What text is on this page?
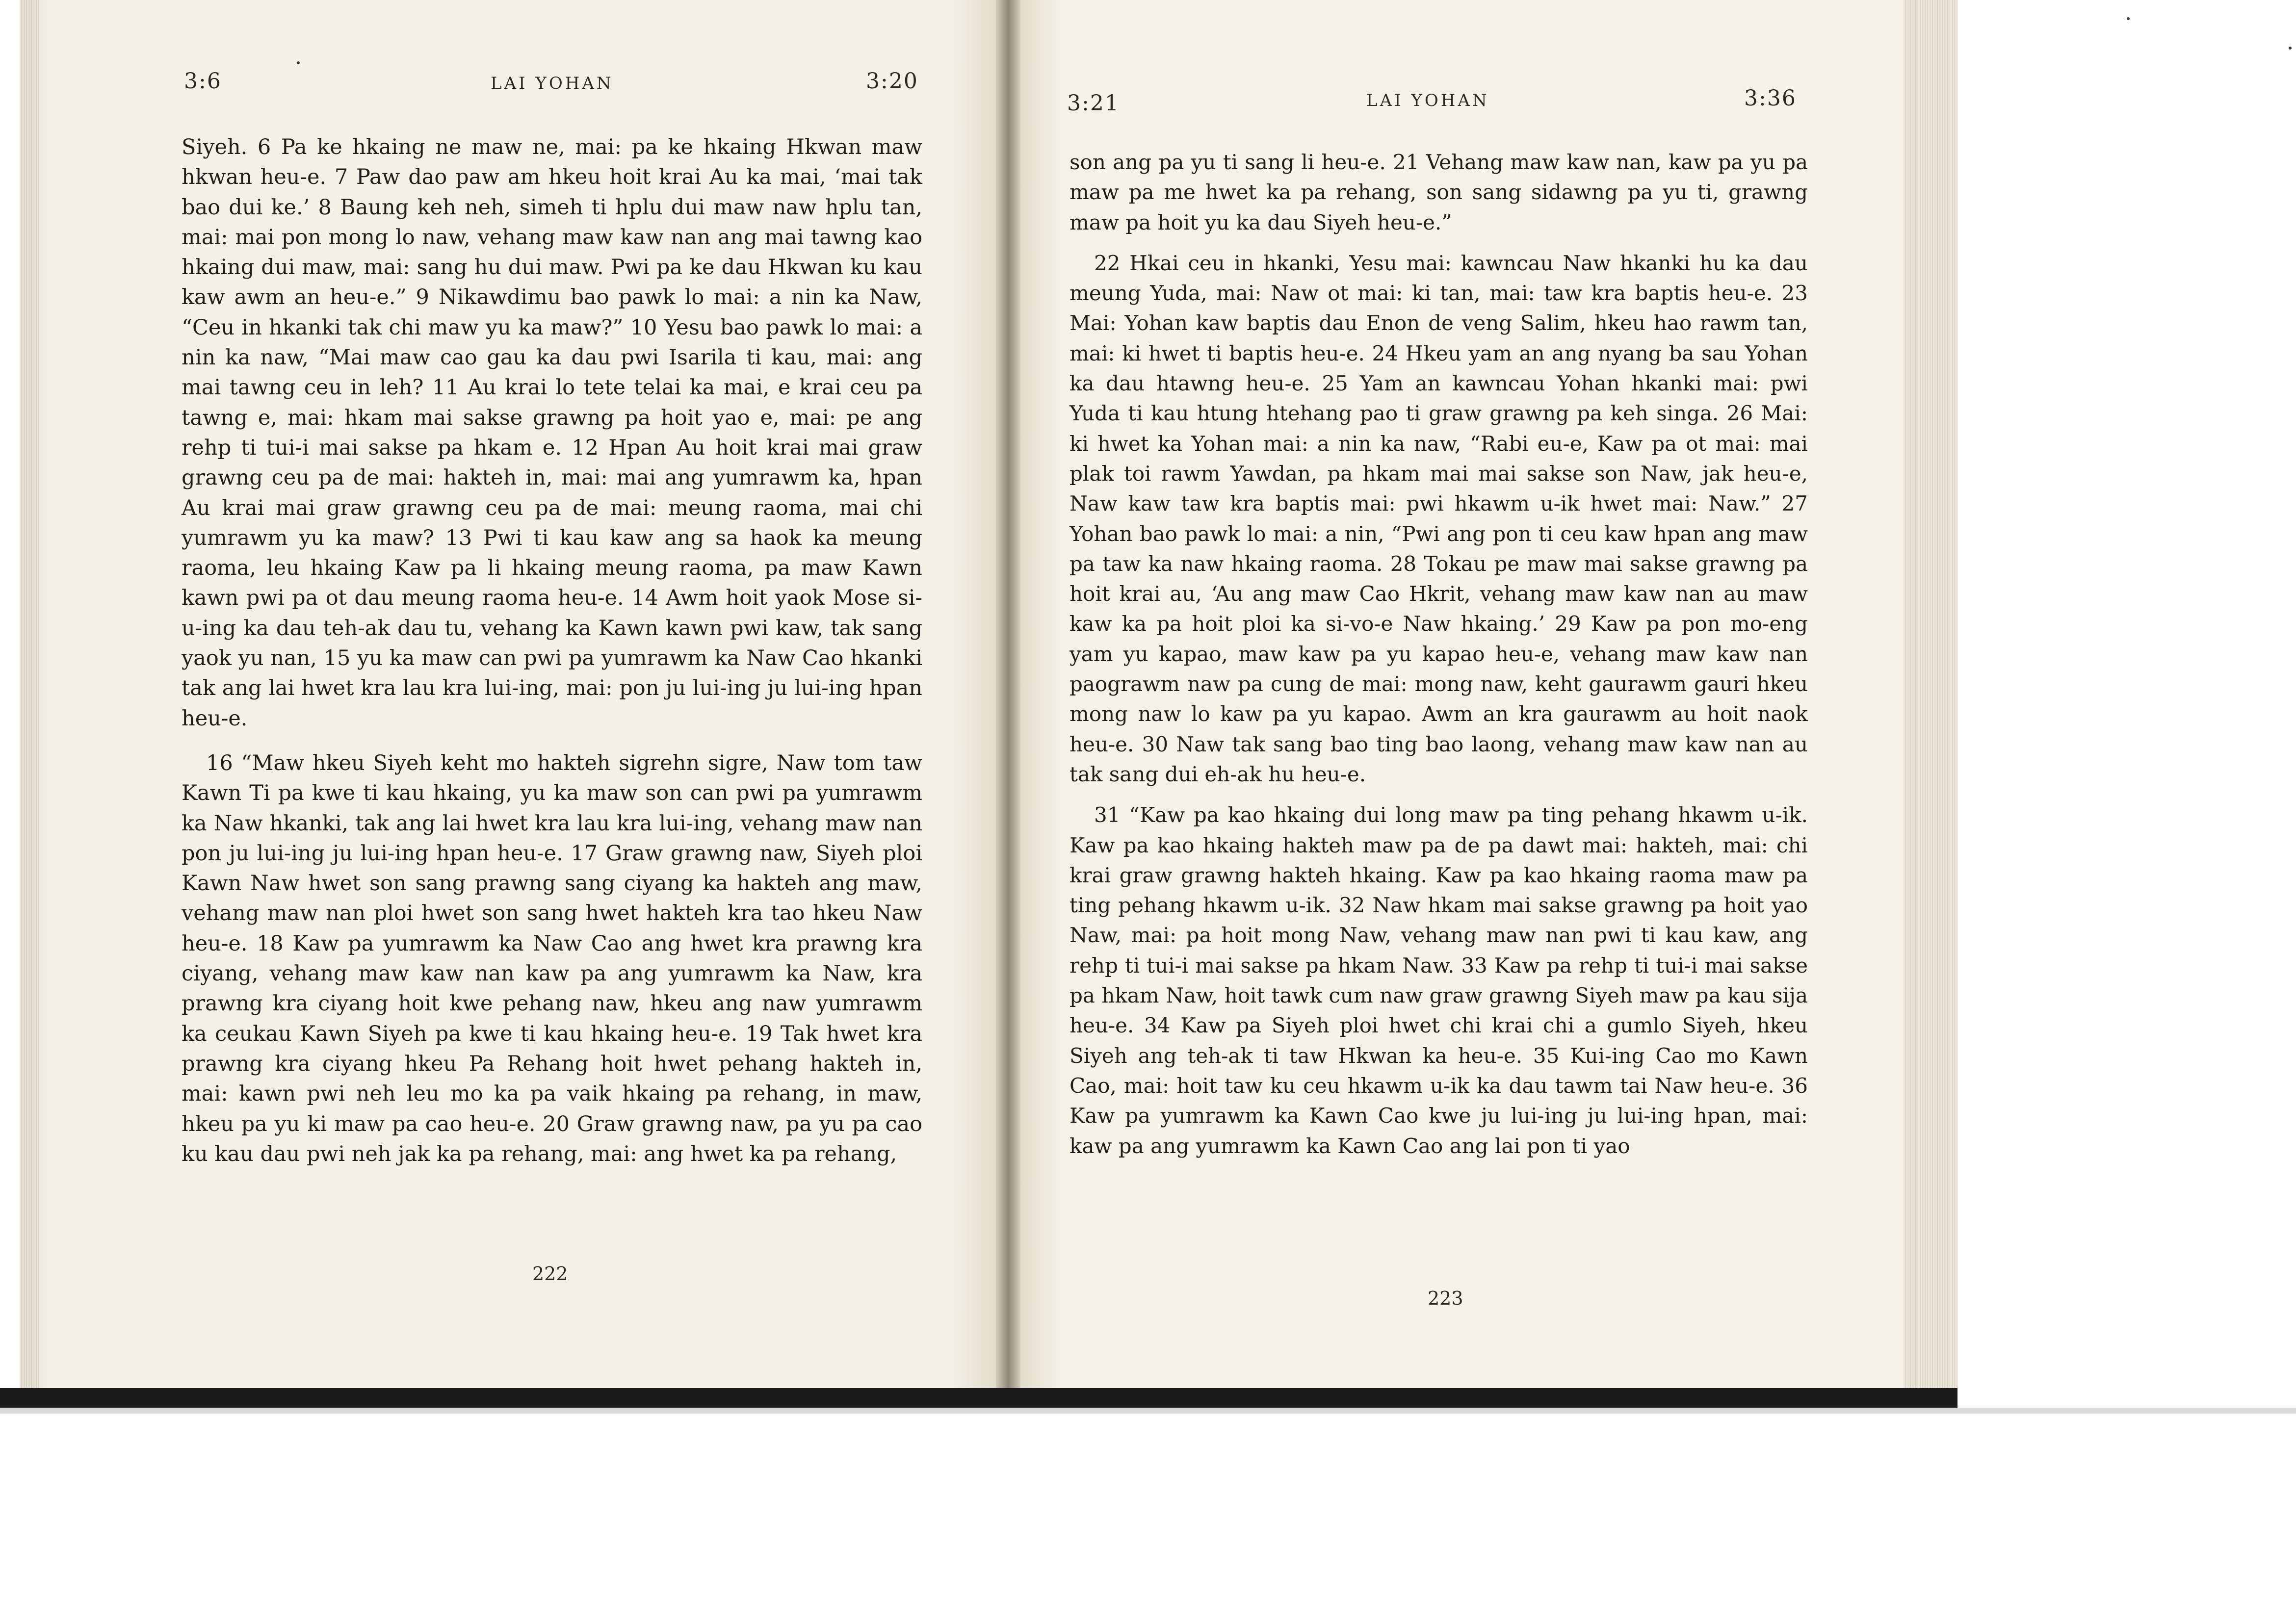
3:6	LAI YOHAN	3:20

Siyeh. 6 Pa ke hkaing ne maw ne, mai: pa ke hkaing Hkwan maw hkwan heu-e. 7 Paw dao paw am hkeu hoit krai Au ka mai, ‘mai tak bao dui ke.’ 8 Baung keh neh, simeh ti hplu dui maw naw hplu tan, mai: mai pon mong lo naw, vehang maw kaw nan ang mai tawng kao hkaing dui maw, mai: sang hu dui maw. Pwi pa ke dau Hkwan ku kau kaw awm an heu-e.” 9 Nikawdimu bao pawk lo mai: a nin ka Naw, “Ceu in hkanki tak chi maw yu ka maw?” 10 Yesu bao pawk lo mai: a nin ka naw, “Mai maw cao gau ka dau pwi Isarila ti kau, mai: ang mai tawng ceu in leh? 11 Au krai lo tete telai ka mai, e krai ceu pa tawng e, mai: hkam mai sakse grawng pa hoit yao e, mai: pe ang rehp ti tui-i mai sakse pa hkam e. 12 Hpan Au hoit krai mai graw grawng ceu pa de mai: hakteh in, mai: mai ang yumrawm ka, hpan Au krai mai graw grawng ceu pa de mai: meung raoma, mai chi yumrawm yu ka maw? 13 Pwi ti kau kaw ang sa haok ka meung raoma, leu hkaing Kaw pa li hkaing meung raoma, pa maw Kawn kawn pwi pa ot dau meung raoma heu-e. 14 Awm hoit yaok Mose si-u-ing ka dau teh-ak dau tu, vehang ka Kawn kawn pwi kaw, tak sang yaok yu nan, 15 yu ka maw can pwi pa yumrawm ka Naw Cao hkanki tak ang lai hwet kra lau kra lui-ing, mai: pon ju lui-ing ju lui-ing hpan heu-e.

16 “Maw hkeu Siyeh keht mo hakteh sigrehn sigre, Naw tom taw Kawn Ti pa kwe ti kau hkaing, yu ka maw son can pwi pa yumrawm ka Naw hkanki, tak ang lai hwet kra lau kra lui-ing, vehang maw nan pon ju lui-ing ju lui-ing hpan heu-e. 17 Graw grawng naw, Siyeh ploi Kawn Naw hwet son sang prawng sang ciyang ka hakteh ang maw, vehang maw nan ploi hwet son sang hwet hakteh kra tao hkeu Naw heu-e. 18 Kaw pa yumrawm ka Naw Cao ang hwet kra prawng kra ciyang, vehang maw kaw nan kaw pa ang yumrawm ka Naw, kra prawng kra ciyang hoit kwe pehang naw, hkeu ang naw yumrawm ka ceukau Kawn Siyeh pa kwe ti kau hkaing heu-e. 19 Tak hwet kra prawng kra ciyang hkeu Pa Rehang hoit hwet pehang hakteh in, mai: kawn pwi neh leu mo ka pa vaik hkaing pa rehang, in maw, hkeu pa yu ki maw pa cao heu-e. 20 Graw grawng naw, pa yu pa cao ku kau dau pwi neh jak ka pa rehang, mai: ang hwet ka pa rehang,

222
3:21	LAI YOHAN	3:36

son ang pa yu ti sang li heu-e. 21 Vehang maw kaw nan, kaw pa yu pa maw pa me hwet ka pa rehang, son sang sidawng pa yu ti, grawng maw pa hoit yu ka dau Siyeh heu-e.”

22 Hkai ceu in hkanki, Yesu mai: kawncau Naw hkanki hu ka dau meung Yuda, mai: Naw ot mai: ki tan, mai: taw kra baptis heu-e. 23 Mai: Yohan kaw baptis dau Enon de veng Salim, hkeu hao rawm tan, mai: ki hwet ti baptis heu-e. 24 Hkeu yam an ang nyang ba sau Yohan ka dau htawng heu-e. 25 Yam an kawncau Yohan hkanki mai: pwi Yuda ti kau htung htehang pao ti graw grawng pa keh singa. 26 Mai: ki hwet ka Yohan mai: a nin ka naw, “Rabi eu-e, Kaw pa ot mai: mai plak toi rawm Yawdan, pa hkam mai mai sakse son Naw, jak heu-e, Naw kaw taw kra baptis mai: pwi hkawm u-ik hwet mai: Naw.” 27 Yohan bao pawk lo mai: a nin, “Pwi ang pon ti ceu kaw hpan ang maw pa taw ka naw hkaing raoma. 28 Tokau pe maw mai sakse grawng pa hoit krai au, ‘Au ang maw Cao Hkrit, vehang maw kaw nan au maw kaw ka pa hoit ploi ka si-vo-e Naw hkaing.’ 29 Kaw pa pon mo-eng yam yu kapao, maw kaw pa yu kapao heu-e, vehang maw kaw nan paograwm naw pa cung de mai: mong naw, keht gaurawm gauri hkeu mong naw lo kaw pa yu kapao. Awm an kra gaurawm au hoit naok heu-e. 30 Naw tak sang bao ting bao laong, vehang maw kaw nan au tak sang dui eh-ak hu heu-e.

31 “Kaw pa kao hkaing dui long maw pa ting pehang hkawm u-ik. Kaw pa kao hkaing hakteh maw pa de pa dawt mai: hakteh, mai: chi krai graw grawng hakteh hkaing. Kaw pa kao hkaing raoma maw pa ting pehang hkawm u-ik. 32 Naw hkam mai sakse grawng pa hoit yao Naw, mai: pa hoit mong Naw, vehang maw nan pwi ti kau kaw, ang rehp ti tui-i mai sakse pa hkam Naw. 33 Kaw pa rehp ti tui-i mai sakse pa hkam Naw, hoit tawk cum naw graw grawng Siyeh maw pa kau sija heu-e. 34 Kaw pa Siyeh ploi hwet chi krai chi a gumlo Siyeh, hkeu Siyeh ang teh-ak ti taw Hkwan ka heu-e. 35 Kui-ing Cao mo Kawn Cao, mai: hoit taw ku ceu hkawm u-ik ka dau tawm tai Naw heu-e. 36 Kaw pa yumrawm ka Kawn Cao kwe ju lui-ing ju lui-ing hpan, mai: kaw pa ang yumrawm ka Kawn Cao ang lai pon ti yao

223
